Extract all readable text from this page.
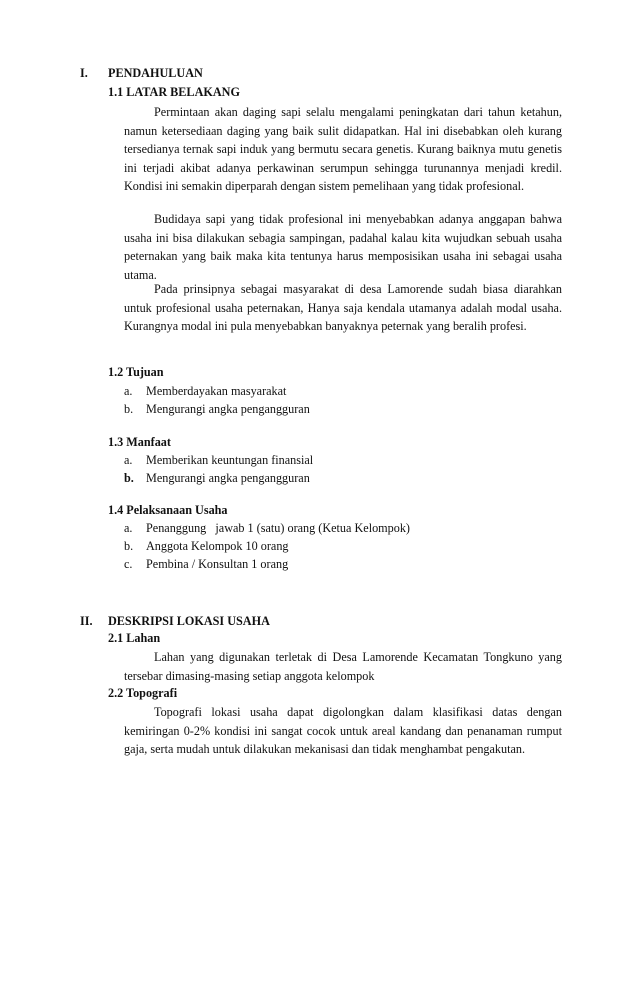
I. PENDAHULUAN
1.1 LATAR BELAKANG

Permintaan akan daging sapi selalu mengalami peningkatan dari tahun ketahun, namun ketersediaan daging yang baik sulit didapatkan. Hal ini disebabkan oleh kurang tersedianya ternak sapi induk yang bermutu secara genetis. Kurang baiknya mutu genetis ini terjadi akibat adanya perkawinan serumpun sehingga turunannya menjadi kredil. Kondisi ini semakin diperparah dengan sistem pemelihaan yang tidak profesional.

Budidaya sapi yang tidak profesional ini menyebabkan adanya anggapan bahwa usaha ini bisa dilakukan sebagia sampingan, padahal kalau kita wujudkan sebuah usaha peternakan yang baik maka kita tentunya harus memposisikan usaha ini sebagai usaha utama.

Pada prinsipnya sebagai masyarakat di desa Lamorende sudah biasa diarahkan untuk profesional usaha peternakan, Hanya saja kendala utamanya adalah modal usaha. Kurangnya modal ini pula menyebabkan banyaknya peternak yang beralih profesi.

1.2 Tujuan
a. Memberdayakan masyarakat
b. Mengurangi angka pengangguran
1.3 Manfaat
a. Memberikan keuntungan finansial
b. Mengurangi angka pengangguran
1.4 Pelaksanaan Usaha
a. Penanggung   jawab 1 (satu) orang (Ketua Kelompok)
b. Anggota Kelompok 10 orang
c. Pembina / Konsultan 1 orang
II. DESKRIPSI LOKASI USAHA
2.1 Lahan

Lahan yang digunakan terletak di Desa Lamorende Kecamatan Tongkuno yang tersebar dimasing-masing setiap anggota kelompok

2.2 Topografi

Topografi lokasi usaha dapat digolongkan dalam klasifikasi datas dengan kemiringan 0-2% kondisi ini sangat cocok untuk areal kandang dan penanaman rumput gaja, serta mudah untuk dilakukan mekanisasi dan tidak menghambat pengakutan.
